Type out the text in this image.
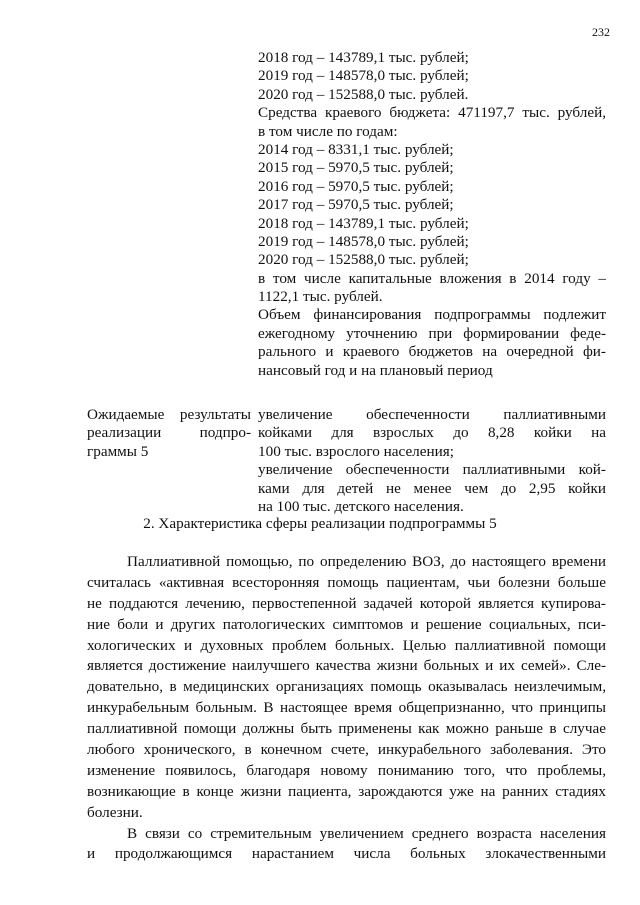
232
2018 год – 143789,1 тыс. рублей;
2019 год – 148578,0 тыс. рублей;
2020 год – 152588,0 тыс. рублей.
Средства краевого бюджета: 471197,7 тыс. рублей,
в том числе по годам:
2014 год – 8331,1 тыс. рублей;
2015 год – 5970,5 тыс. рублей;
2016 год – 5970,5 тыс. рублей;
2017 год – 5970,5 тыс. рублей;
2018 год – 143789,1 тыс. рублей;
2019 год – 148578,0 тыс. рублей;
2020 год – 152588,0 тыс. рублей;
в том числе капитальные вложения в 2014 году –
1122,1 тыс. рублей.
Объем финансирования подпрограммы подлежит
ежегодному уточнению при формировании феде-
рального и краевого бюджетов на очередной фи-
нансовый год и на плановый период
Ожидаемые результаты
реализации подпро-
граммы 5
увеличение обеспеченности паллиативными
койками для взрослых до 8,28 койки на
100 тыс. взрослого населения;
увеличение обеспеченности паллиативными кой-
ками для детей не менее чем до 2,95 койки
на 100 тыс. детского населения.
2. Характеристика сферы реализации подпрограммы 5
Паллиативной помощью, по определению ВОЗ, до настоящего времени
считалась «активная всесторонняя помощь пациентам, чьи болезни больше
не поддаются лечению, первостепенной задачей которой является купирова-
ние боли и других патологических симптомов и решение социальных, пси-
хологических и духовных проблем больных. Целью паллиативной помощи
является достижение наилучшего качества жизни больных и их семей». Сле-
довательно, в медицинских организациях помощь оказывалась неизлечимым,
инкурабельным больным. В настоящее время общепризнанно, что принципы
паллиативной помощи должны быть применены как можно раньше в случае
любого хронического, в конечном счете, инкурабельного заболевания. Это
изменение появилось, благодаря новому пониманию того, что проблемы,
возникающие в конце жизни пациента, зарождаются уже на ранних стадиях
болезни.
В связи со стремительным увеличением среднего возраста населения
и продолжающимся нарастанием числа больных злокачественными
